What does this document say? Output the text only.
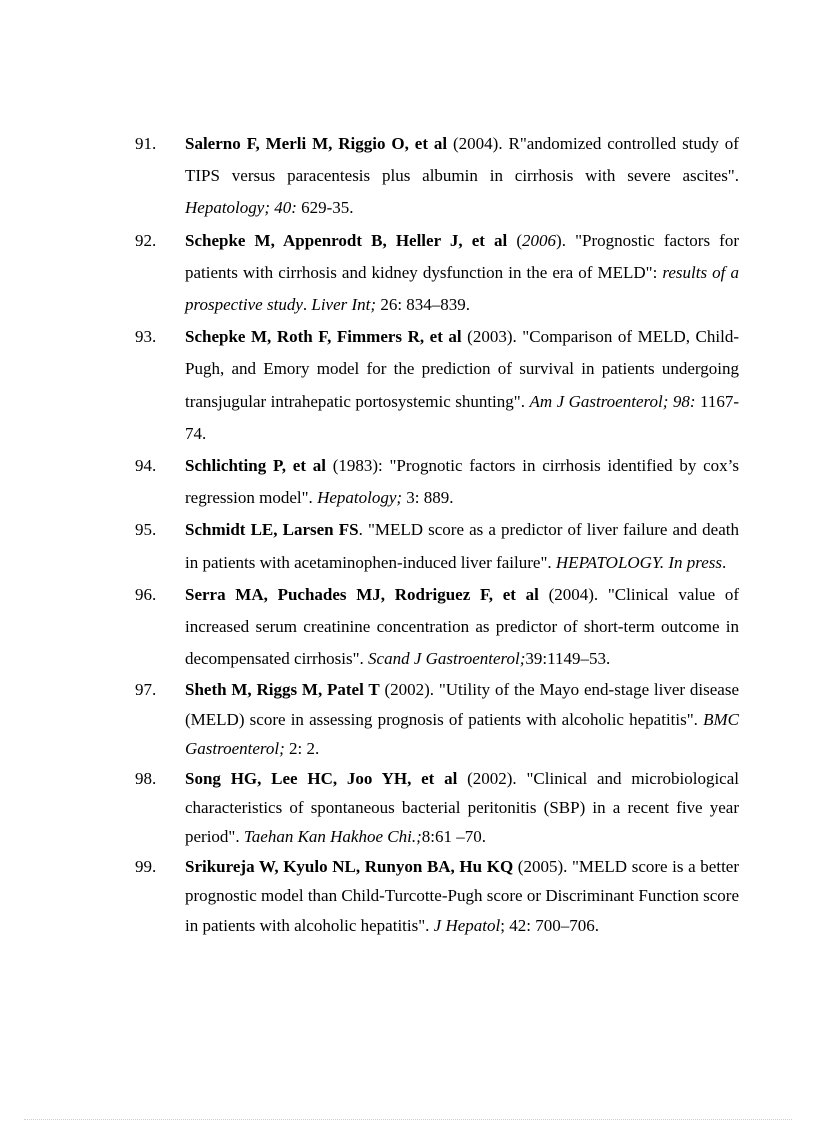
91.	Salerno F, Merli M, Riggio O, et al (2004). R"andomized controlled study of TIPS versus paracentesis plus albumin in cirrhosis with severe ascites". Hepatology; 40: 629-35.
92.	Schepke M, Appenrodt B, Heller J, et al (2006). "Prognostic factors for patients with cirrhosis and kidney dysfunction in the era of MELD": results of a prospective study. Liver Int; 26: 834–839.
93.	Schepke M, Roth F, Fimmers R, et al (2003). "Comparison of MELD, Child-Pugh, and Emory model for the prediction of survival in patients undergoing transjugular intrahepatic portosystemic shunting". Am J Gastroenterol; 98: 1167-74.
94.	Schlichting P, et al (1983): "Prognotic factors in cirrhosis identified by cox’s regression model". Hepatology; 3: 889.
95.	Schmidt LE, Larsen FS. "MELD score as a predictor of liver failure and death in patients with acetaminophen-induced liver failure". HEPATOLOGY. In press.
96.	Serra MA, Puchades MJ, Rodriguez F, et al (2004). "Clinical value of increased serum creatinine concentration as predictor of short-term outcome in decompensated cirrhosis". Scand J Gastroenterol;39:1149–53.
97.	Sheth M, Riggs M, Patel T (2002). "Utility of the Mayo end-stage liver disease (MELD) score in assessing prognosis of patients with alcoholic hepatitis". BMC Gastroenterol; 2: 2.
98.	Song HG, Lee HC, Joo YH, et al (2002). "Clinical and microbiological characteristics of spontaneous bacterial peritonitis (SBP) in a recent five year period". Taehan Kan Hakhoe Chi.;8:61 –70.
99.	Srikureja W, Kyulo NL, Runyon BA, Hu KQ (2005). "MELD score is a better prognostic model than Child-Turcotte-Pugh score or Discriminant Function score in patients with alcoholic hepatitis". J Hepatol; 42: 700–706.
